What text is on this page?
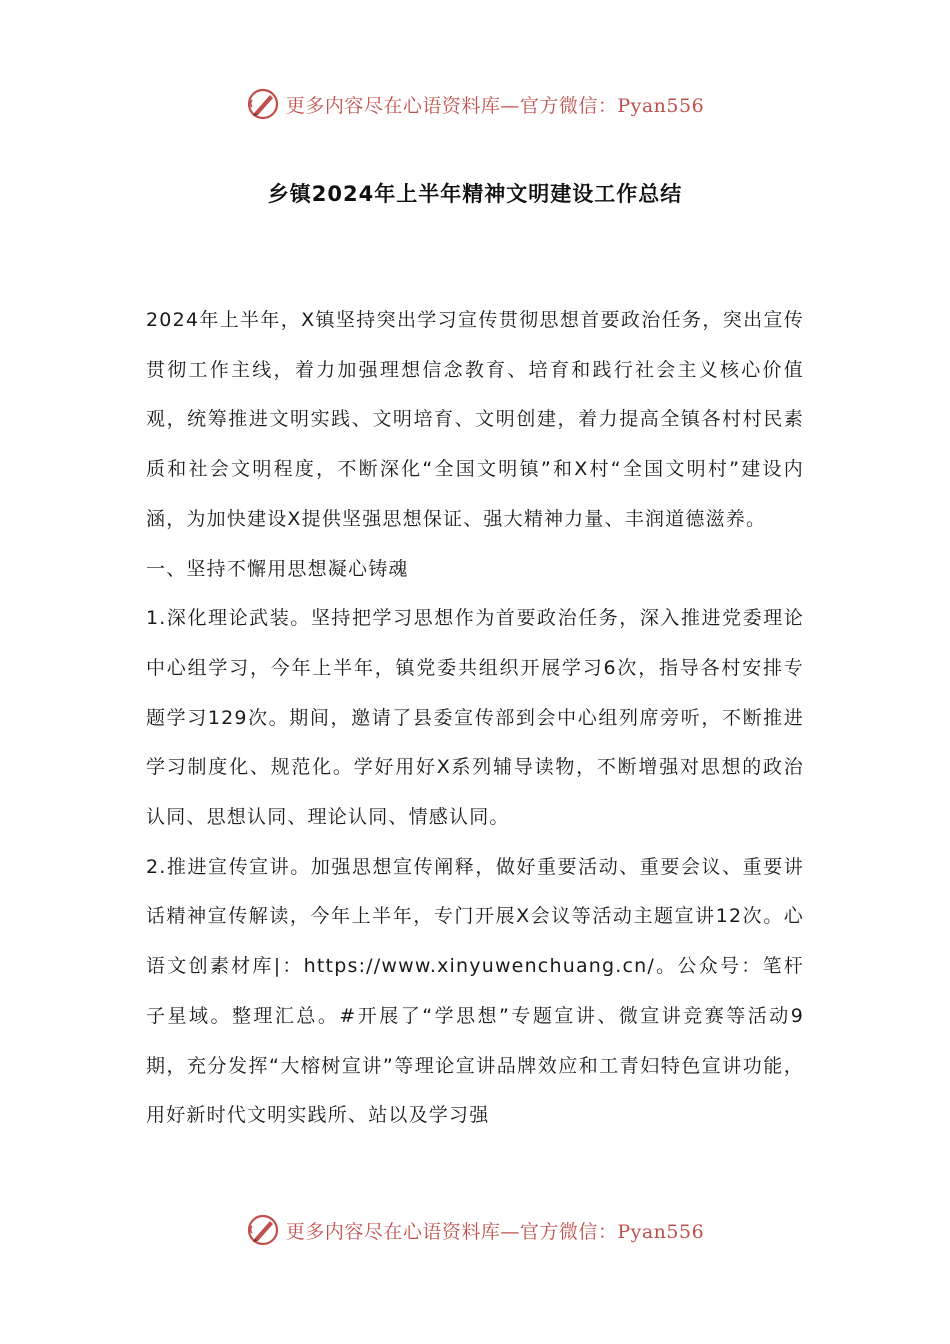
更多内容尽在心语资料库—官方微信：Pyan556
乡镇2024年上半年精神文明建设工作总结

2024年上半年，X镇坚持突出学习宣传贯彻思想首要政治任务，突出宣传贯彻工作主线，着力加强理想信念教育、培育和践行社会主义核心价值观，统筹推进文明实践、文明培育、文明创建，着力提高全镇各村村民素质和社会文明程度，不断深化“全国文明镇”和X村“全国文明村”建设内涵，为加快建设X提供坚强思想保证、强大精神力量、丰润道德滋养。

一、坚持不懈用思想凝心铸魂

1.深化理论武装。坚持把学习思想作为首要政治任务，深入推进党委理论中心组学习，今年上半年，镇党委共组织开展学习6次，指导各村安排专题学习129次。期间，邀请了县委宣传部到会中心组列席旁听，不断推进学习制度化、规范化。学好用好X系列辅导读物，不断增强对思想的政治认同、思想认同、理论认同、情感认同。

2.推进宣传宣讲。加强思想宣传阐释，做好重要活动、重要会议、重要讲话精神宣传解读，今年上半年，专门开展X会议等活动主题宣讲12次。心语文创素材库|：https://www.xinyuwenchuang.cn/。公众号：笔杆子星域。整理汇总。#开展了“学思想”专题宣讲、微宣讲竞赛等活动9期，充分发挥“大榕树宣讲”等理论宣讲品牌效应和工青妇特色宣讲功能，用好新时代文明实践所、站以及学习强

更多内容尽在心语资料库—官方微信：Pyan556
